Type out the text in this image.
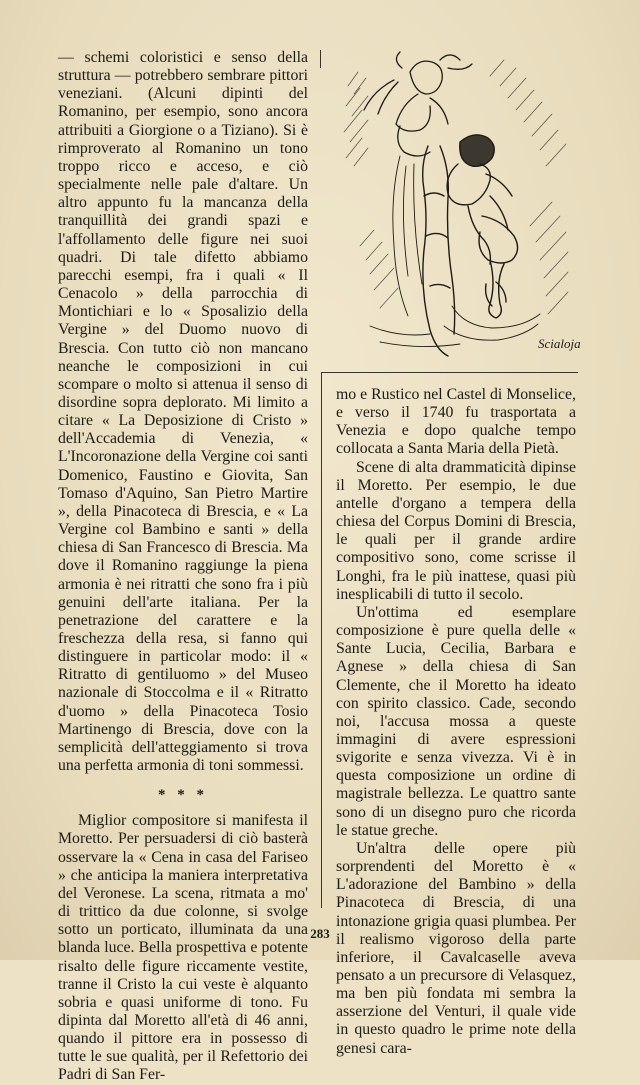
— schemi coloristici e senso della struttura — potrebbero sembrare pittori veneziani. (Alcuni dipinti del Romanino, per esempio, sono ancora attribuiti a Giorgione o a Tiziano). Si è rimproverato al Romanino un tono troppo ricco e acceso, e ciò specialmente nelle pale d'altare. Un altro appunto fu la mancanza della tranquillità dei grandi spazi e l'affollamento delle figure nei suoi quadri. Di tale difetto abbiamo parecchi esempi, fra i quali « Il Cenacolo » della parrocchia di Montichiari e lo « Sposalizio della Vergine » del Duomo nuovo di Brescia. Con tutto ciò non mancano neanche le composizioni in cui scompare o molto si attenua il senso di disordine sopra deplorato. Mi limito a citare « La Deposizione di Cristo » dell'Accademia di Venezia, « L'Incoronazione della Vergine coi santi Domenico, Faustino e Giovita, San Tomaso d'Aquino, San Pietro Martire », della Pinacoteca di Brescia, e « La Vergine col Bambino e santi » della chiesa di San Francesco di Brescia. Ma dove il Romanino raggiunge la piena armonia è nei ritratti che sono fra i più genuini dell'arte italiana. Per la penetrazione del carattere e la freschezza della resa, si fanno qui distinguere in particolar modo: il « Ritratto di gentiluomo » del Museo nazionale di Stoccolma e il « Ritratto d'uomo » della Pinacoteca Tosio Martinengo di Brescia, dove con la semplicità dell'atteggiamento si trova una perfetta armonia di toni sommessi.

* * *

Miglior compositore si manifesta il Moretto. Per persuadersi di ciò basterà osservare la « Cena in casa del Fariseo » che anticipa la maniera interpretativa del Veronese. La scena, ritmata a mo' di trittico da due colonne, si svolge sotto un porticato, illuminata da una blanda luce. Bella prospettiva e potente risalto delle figure riccamente vestite, tranne il Cristo la cui veste è alquanto sobria e quasi uniforme di tono. Fu dipinta dal Moretto all'età di 46 anni, quando il pittore era in possesso di tutte le sue qualità, per il Refettorio dei Padri di San Fer-

Scialoja

mo e Rustico nel Castel di Monselice, e verso il 1740 fu trasportata a Venezia e dopo qualche tempo collocata a Santa Maria della Pietà.

Scene di alta drammaticità dipinse il Moretto. Per esempio, le due antelle d'organo a tempera della chiesa del Corpus Domini di Brescia, le quali per il grande ardire compositivo sono, come scrisse il Longhi, fra le più inattese, quasi più inesplicabili di tutto il secolo.

Un'ottima ed esemplare composizione è pure quella delle « Sante Lucia, Cecilia, Barbara e Agnese » della chiesa di San Clemente, che il Moretto ha ideato con spirito classico. Cade, secondo noi, l'accusa mossa a queste immagini di avere espressioni svigorite e senza vivezza. Vi è in questa composizione un ordine di magistrale bellezza. Le quattro sante sono di un disegno puro che ricorda le statue greche.

Un'altra delle opere più sorprendenti del Moretto è « L'adorazione del Bambino » della Pinacoteca di Brescia, di una intonazione grigia quasi plumbea. Per il realismo vigoroso della parte inferiore, il Cavalcaselle aveva pensato a un precursore di Velasquez, ma ben più fondata mi sembra la asserzione del Venturi, il quale vide in questo quadro le prime note della genesi cara-

283
